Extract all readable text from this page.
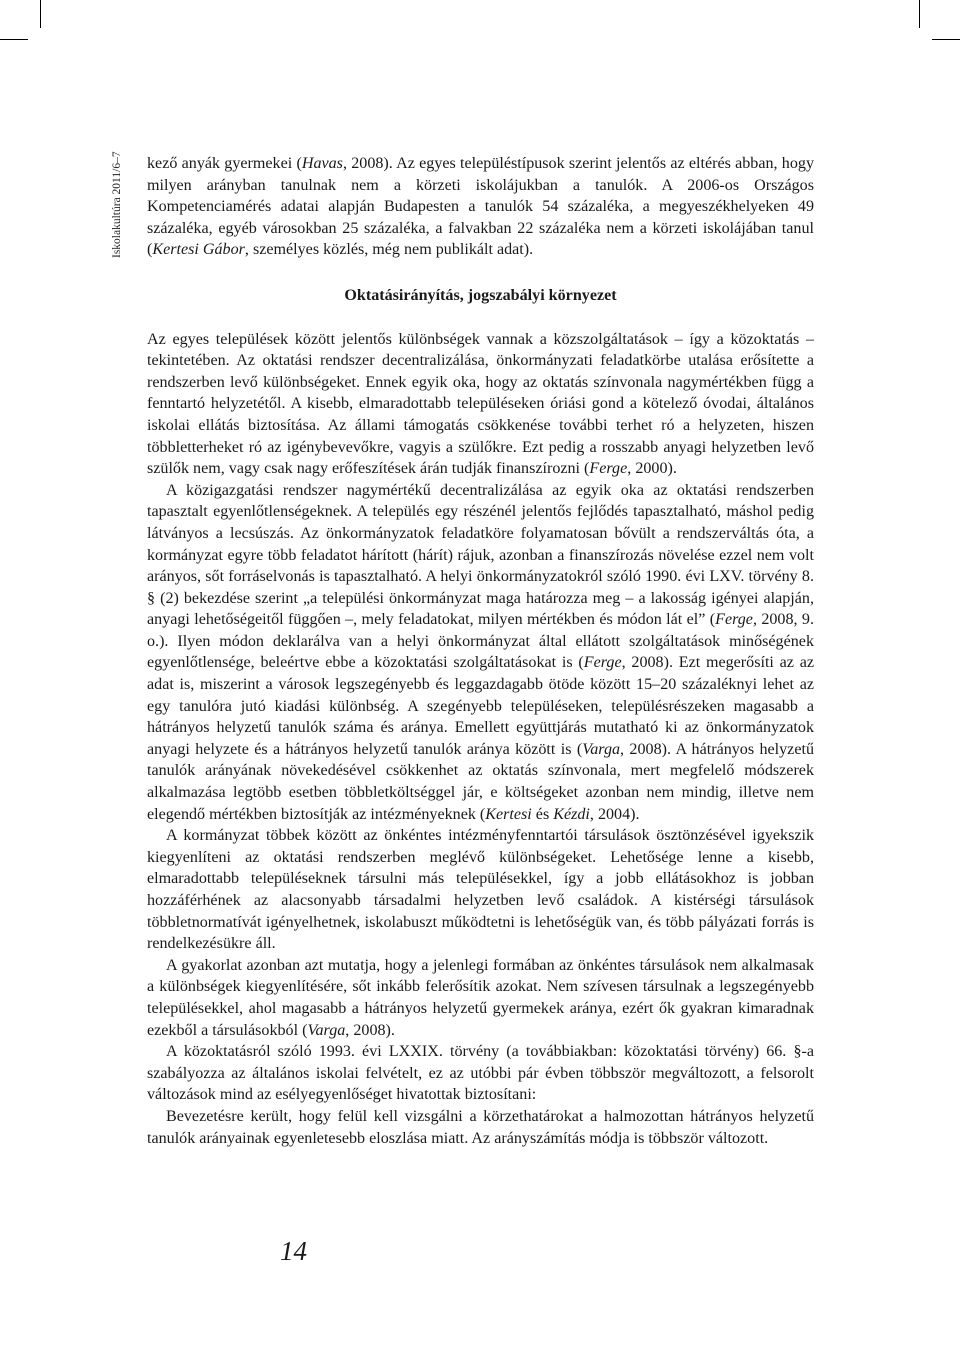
Iskolakultúra 2011/6–7 kező anyák gyermekei (Havas, 2008). Az egyes településtípusok szerint jelentős az eltérés abban, hogy milyen arányban tanulnak nem a körzeti iskolájukban a tanulók. A 2006-os Országos Kompetenciamérés adatai alapján Budapesten a tanulók 54 százaléka, a megyeszékhelyeken 49 százaléka, egyéb városokban 25 százaléka, a falvakban 22 százaléka nem a körzeti iskolájában tanul (Kertesi Gábor, személyes közlés, még nem publikált adat).

Oktatásirányítás, jogszabályi környezet

Az egyes települések között jelentős különbségek vannak a közszolgáltatások – így a közoktatás – tekintetében. Az oktatási rendszer decentralizálása, önkormányzati feladatkörbe utalása erősítette a rendszerben levő különbségeket. Ennek egyik oka, hogy az oktatás színvonala nagymértékben függ a fenntartó helyzetétől. A kisebb, elmaradottabb településeken óriási gond a kötelező óvodai, általános iskolai ellátás biztosítása. Az állami támogatás csökkenése további terhet ró a helyzeten, hiszen többletterheket ró az igénybevevőkre, vagyis a szülőkre. Ezt pedig a rosszabb anyagi helyzetben levő szülők nem, vagy csak nagy erőfeszítések árán tudják finanszírozni (Ferge, 2000).

A közigazgatási rendszer nagymértékű decentralizálása az egyik oka az oktatási rendszerben tapasztalt egyenlőtlenségeknek. A település egy részénél jelentős fejlődés tapasztalható, máshol pedig látványos a lecsúszás. Az önkormányzatok feladatköre folyamatosan bővült a rendszerváltás óta, a kormányzat egyre több feladatot hárított (hárít) rájuk, azonban a finanszírozás növelése ezzel nem volt arányos, sőt forráselvonás is tapasztalható. A helyi önkormányzatokról szóló 1990. évi LXV. törvény 8. § (2) bekezdése szerint „a települési önkormányzat maga határozza meg – a lakosság igényei alapján, anyagi lehetőségeitől függően –, mely feladatokat, milyen mértékben és módon lát el” (Ferge, 2008, 9. o.). Ilyen módon deklarálva van a helyi önkormányzat által ellátott szolgáltatások minőségének egyenlőtlensége, beleértve ebbe a közoktatási szolgáltatásokat is (Ferge, 2008). Ezt megerősíti az az adat is, miszerint a városok legszegényebb és leggazdagabb ötöde között 15–20 százaléknyi lehet az egy tanulóra jutó kiadási különbség. A szegényebb településeken, településrészeken magasabb a hátrányos helyzetű tanulók száma és aránya. Emellett együttjárás mutatható ki az önkormányzatok anyagi helyzete és a hátrányos helyzetű tanulók aránya között is (Varga, 2008). A hátrányos helyzetű tanulók arányának növekedésével csökkenhet az oktatás színvonala, mert megfelelő módszerek alkalmazása legtöbb esetben többletköltséggel jár, e költségeket azonban nem mindig, illetve nem elegendő mértékben biztosítják az intézményeknek (Kertesi és Kézdi, 2004).

A kormányzat többek között az önkéntes intézményfenntartói társulások ösztönzésével igyekszik kiegyenlíteni az oktatási rendszerben meglévő különbségeket. Lehetősége lenne a kisebb, elmaradottabb településeknek társulni más településekkel, így a jobb ellátásokhoz is jobban hozzáférhének az alacsonyabb társadalmi helyzetben levő családok. A kistérségi társulások többletnormatívát igényelhetnek, iskolabuszt működtetni is lehetőségük van, és több pályázati forrás is rendelkezésükre áll.

A gyakorlat azonban azt mutatja, hogy a jelenlegi formában az önkéntes társulások nem alkalmasak a különbségek kiegyenlítésére, sőt inkább felerősítik azokat. Nem szívesen társulnak a legszegényebb településekkel, ahol magasabb a hátrányos helyzetű gyermekek aránya, ezért ők gyakran kimaradnak ezekből a társulásokból (Varga, 2008).

A közoktatásról szóló 1993. évi LXXIX. törvény (a továbbiakban: közoktatási törvény) 66. §-a szabályozza az általános iskolai felvételt, ez az utóbbi pár évben többször megváltozott, a felsorolt változások mind az esélyegyenlőséget hivatottak biztosítani:

Bevezetésre került, hogy felül kell vizsgálni a körzethatárokat a halmozottan hátrányos helyzetű tanulók arányainak egyenletesebb eloszlása miatt. Az arányszámítás módja is többször változott.

14
